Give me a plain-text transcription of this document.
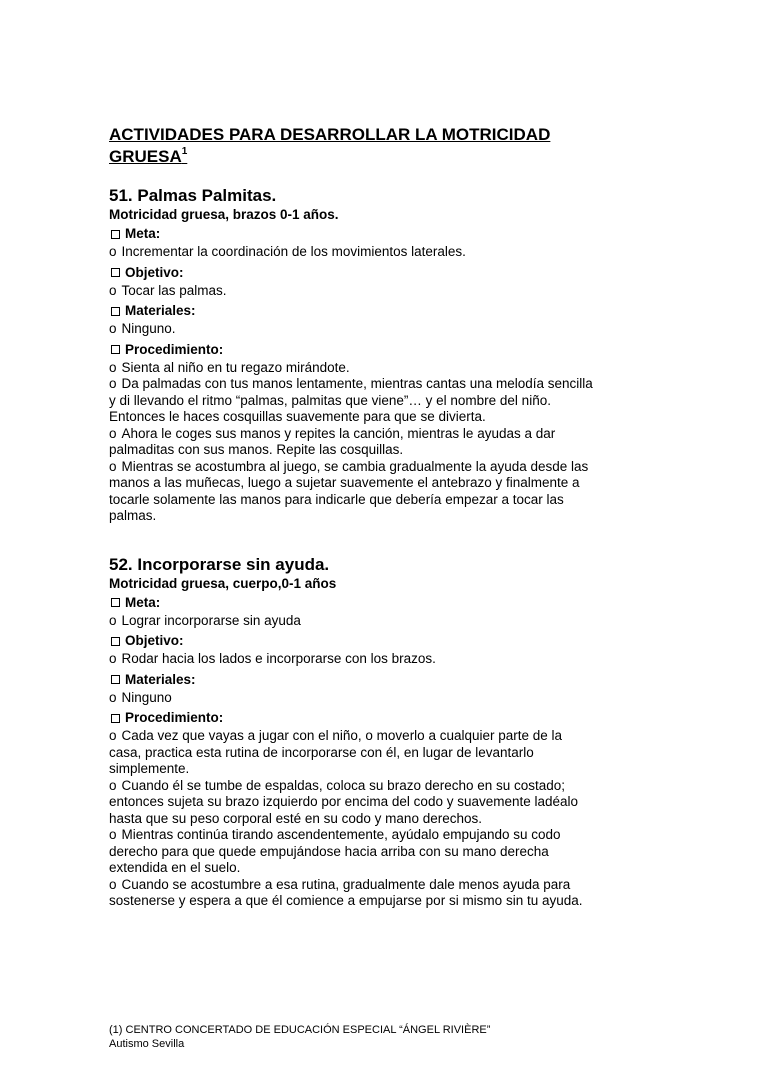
ACTIVIDADES PARA DESARROLLAR LA MOTRICIDAD GRUESA$^1$

51. Palmas Palmitas.

Motricidad gruesa, brazos 0-1 años.

Meta:

o Incrementar la coordinación de los movimientos laterales.

Objetivo:

o Tocar las palmas.

Materiales:

o Ninguno.

Procedimiento:

o Sienta al niño en tu regazo mirándote.

o Da palmadas con tus manos lentamente, mientras cantas una melodía sencilla y di llevando el ritmo “palmas, palmitas que viene”… y el nombre del niño. Entonces le haces cosquillas suavemente para que se divierta.

o Ahora le coges sus manos y repites la canción, mientras le ayudas a dar palmaditas con sus manos. Repite las cosquillas.

o Mientras se acostumbra al juego, se cambia gradualmente la ayuda desde las manos a las muñecas, luego a sujetar suavemente el antebrazo y finalmente a tocarle solamente las manos para indicarle que debería empezar a tocar las palmas.

52. Incorporarse sin ayuda.

Motricidad gruesa, cuerpo,0-1 años

Meta:

o Lograr incorporarse sin ayuda

Objetivo:

o Rodar hacia los lados e incorporarse con los brazos.

Materiales:

o Ninguno

Procedimiento:

o Cada vez que vayas a jugar con el niño, o moverlo a cualquier parte de la casa, practica esta rutina de incorporarse con él, en lugar de levantarlo simplemente.

o Cuando él se tumbe de espaldas, coloca su brazo derecho en su costado; entonces sujeta su brazo izquierdo por encima del codo y suavemente ladéalo hasta que su peso corporal esté en su codo y mano derechos.

o Mientras continúa tirando ascendentemente, ayúdalo empujando su codo derecho para que quede empujándose hacia arriba con su mano derecha extendida en el suelo.

o Cuando se acostumbre a esa rutina, gradualmente dale menos ayuda para sostenerse y espera a que él comience a empujarse por si mismo sin tu ayuda.

(1) CENTRO CONCERTADO DE EDUCACIÓN ESPECIAL “ÁNGEL RIVIÈRE”
Autismo Sevilla
